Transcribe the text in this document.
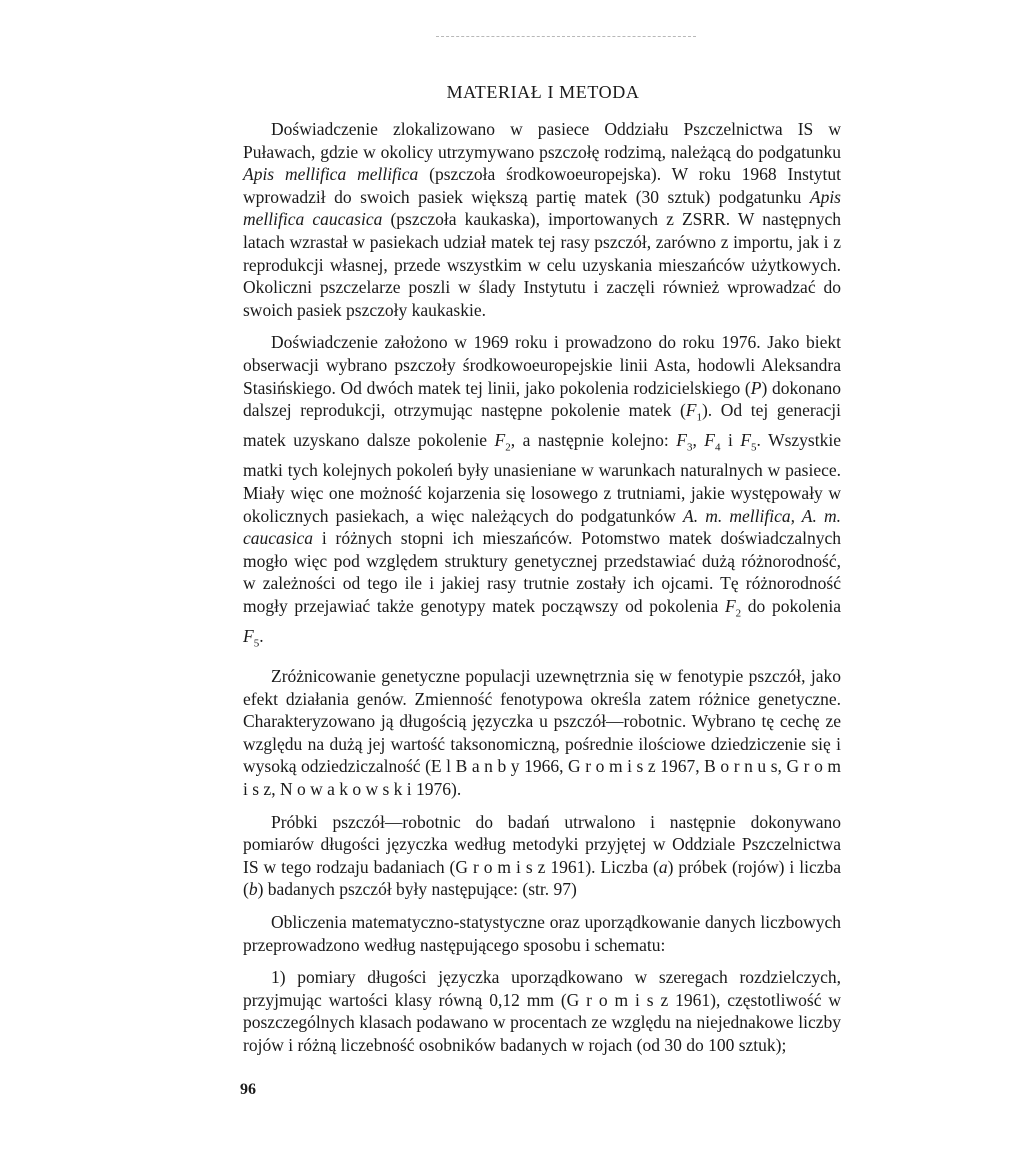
MATERIAŁ I METODA

Doświadczenie zlokalizowano w pasiece Oddziału Pszczelnictwa IS w Puławach, gdzie w okolicy utrzymywano pszczołę rodzimą, należącą do podgatunku Apis mellifica mellifica (pszczoła środkowoeuropejska). W roku 1968 Instytut wprowadził do swoich pasiek większą partię matek (30 sztuk) podgatunku Apis mellifica caucasica (pszczoła kaukaska), importowanych z ZSRR. W następnych latach wzrastał w pasiekach udział matek tej rasy pszczół, zarówno z importu, jak i z reprodukcji własnej, przede wszystkim w celu uzyskania mieszańców użytkowych. Okoliczni pszczelarze poszli w ślady Instytutu i zaczęli również wprowadzać do swoich pasiek pszczoły kaukaskie.

Doświadczenie założono w 1969 roku i prowadzono do roku 1976. Jako biekt obserwacji wybrano pszczoły środkowoeuropejskie linii Asta, hodowli Aleksandra Stasińskiego. Od dwóch matek tej linii, jako pokolenia rodzicielskiego (P) dokonano dalszej reprodukcji, otrzymując następne pokolenie matek $(F_1)$. Od tej generacji matek uzyskano dalsze pokolenie $F_2$, a następnie kolejno: $F_3$, $F_4$ i $F_5$. Wszystkie matki tych kolejnych pokoleń były unasieniane w warunkach naturalnych w pasiece. Miały więc one możność kojarzenia się losowego z trutniami, jakie występowały w okolicznych pasiekach, a więc należących do podgatunków A. m. mellifica, A. m. caucasica i różnych stopni ich mieszańców. Potomstwo matek doświadczalnych mogło więc pod względem struktury genetycznej przedstawiać dużą różnorodność, w zależności od tego ile i jakiej rasy trutnie zostały ich ojcami. Tę różnorodność mogły przejawiać także genotypy matek począwszy od pokolenia $F_2$ do pokolenia $F_5$.

Zróżnicowanie genetyczne populacji uzewnętrznia się w fenotypie pszczół, jako efekt działania genów. Zmienność fenotypowa określa zatem różnice genetyczne. Charakteryzowano ją długością języczka u pszczół—robotnic. Wybrano tę cechę ze względu na dużą jej wartość taksonomiczną, pośrednie ilościowe dziedziczenie się i wysoką odziedziczalność (E l B a n b y 1966, G r o m i s z 1967, B o r n u s, G r o m i s z, N o w a k o w s k i 1976).

Próbki pszczół—robotnic do badań utrwalono i następnie dokonywano pomiarów długości języczka według metodyki przyjętej w Oddziale Pszczelnictwa IS w tego rodzaju badaniach (G r o m i s z 1961). Liczba (a) próbek (rojów) i liczba (b) badanych pszczół były następujące: (str. 97)

Obliczenia matematyczno-statystyczne oraz uporządkowanie danych liczbowych przeprowadzono według następującego sposobu i schematu:

1) pomiary długości języczka uporządkowano w szeregach rozdzielczych, przyjmując wartości klasy równą 0,12 mm (G r o m i s z 1961), częstotliwość w poszczególnych klasach podawano w procentach ze względu na niejednakowe liczby rojów i różną liczebność osobników badanych w rojach (od 30 do 100 sztuk);

96
